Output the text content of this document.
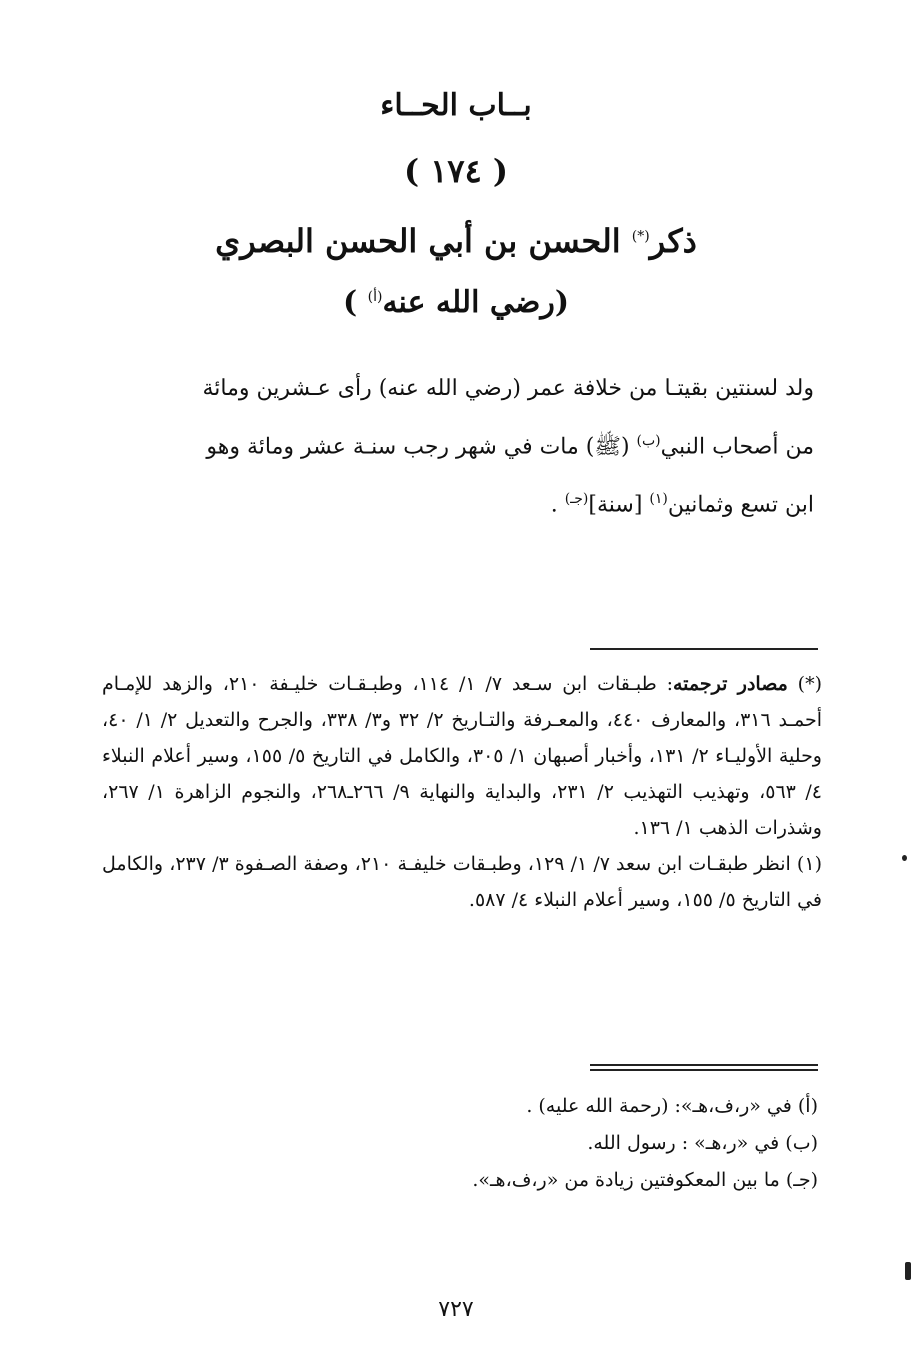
بــاب الحــاء
( ١٧٤ )
ذكر(*) الحسن بن أبي الحسن البصري
(رضي الله عنه$^{(أ)}$ )
ولد لسنتين بقيتـا من خلافة عمر (رضي الله عنه) رأى عـشرين ومائة
من أصحاب النبي$^{(ب)}$ (ﷺ) مات في شهر رجب سنـة عشر ومائة وهو
ابن تسع وثمانين$^{(١)}$ [سنة]$^{(جـ)}$ .

(*) مصادر ترجمته: طبـقات ابن سـعد ٧/ ١/ ١١٤، وطبـقـات خليـفة ٢١٠، والزهد للإمـام أحمـد ٣١٦، والمعارف ٤٤٠، والمعـرفة والتـاريخ ٢/ ٣٢ و٣/ ٣٣٨، والجرح والتعديل ٢/ ١/ ٤٠، وحلية الأوليـاء ٢/ ١٣١، وأخبار أصبهان ١/ ٣٠٥، والكامل في التاريخ ٥/ ١٥٥، وسير أعلام النبلاء ٤/ ٥٦٣، وتهذيب التهذيب ٢/ ٢٣١، والبداية والنهاية ٩/ ٢٦٦ـ٢٦٨، والنجوم الزاهرة ١/ ٢٦٧، وشذرات الذهب ١/ ١٣٦.

(١) انظر طبقـات ابن سعد ٧/ ١/ ١٢٩، وطبـقات خليفـة ٢١٠، وصفة الصـفوة ٣/ ٢٣٧، والكامل في التاريخ ٥/ ١٥٥، وسير أعلام النبلاء ٤/ ٥٨٧.

(أ) في «ر،ف،هـ»: (رحمة الله عليه) .
(ب) في «ر،هـ» : رسول الله.
(جـ) ما بين المعكوفتين زيادة من «ر،ف،هـ».
٧٢٧
